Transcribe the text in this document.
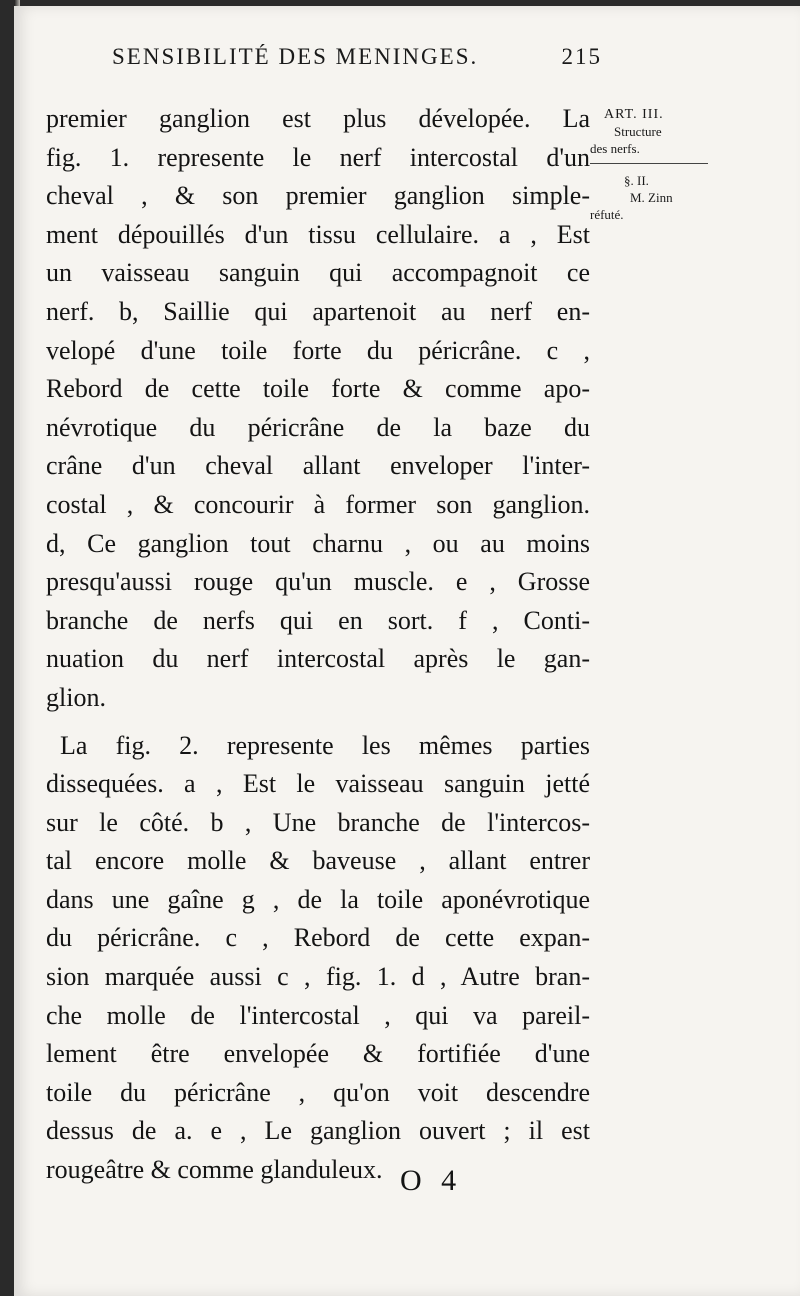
SENSIBILITÉ DES MENINGES.	215
ART. III.
Structure
des nerfs.
§. II.
M. Zinn
réfuté.
premier ganglion est plus dévelopée. La
fig. 1. represente le nerf intercostal d'un
cheval , & son premier ganglion simple-
ment dépouillés d'un tissu cellulaire. a , Est
un vaisseau sanguin qui accompagnoit ce
nerf. b, Saillie qui apartenoit au nerf en-
velopé d'une toile forte du péricrâne. c ,
Rebord de cette toile forte & comme apo-
névrotique du péricrâne de la baze du
crâne d'un cheval allant enveloper l'inter-
costal , & concourir à former son ganglion.
d, Ce ganglion tout charnu , ou au moins
presqu'aussi rouge qu'un muscle. e , Grosse
branche de nerfs qui en sort. f , Conti-
nuation du nerf intercostal après le gan-
glion.
La fig. 2. represente les mêmes parties
dissequées. a , Est le vaisseau sanguin jetté
sur le côté. b , Une branche de l'intercos-
tal encore molle & baveuse , allant entrer
dans une gaîne g , de la toile aponévrotique
du péricrâne. c , Rebord de cette expan-
sion marquée aussi c , fig. 1. d , Autre bran-
che molle de l'intercostal , qui va pareil-
lement être envelopée & fortifiée d'une
toile du péricrâne , qu'on voit descendre
dessus de a. e , Le ganglion ouvert ; il est
rougeâtre & comme glanduleux. O 4
